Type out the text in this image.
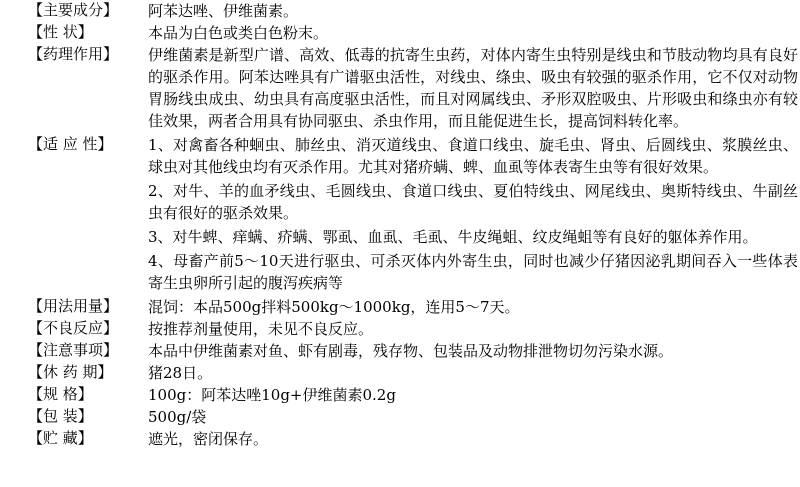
【主要成分】	阿苯达唑、伊维菌素。
【性 状】	本品为白色或类白色粉末。
【药理作用】	伊维菌素是新型广谱、高效、低毒的抗寄生虫药，对体内寄生虫特别是线虫和节肢动物均具有良好的驱杀作用。阿苯达唑具有广谱驱虫活性，对线虫、绦虫、吸虫有较强的驱杀作用，它不仅对动物胃肠线虫成虫、幼虫具有高度驱虫活性，而且对网属线虫、矛形双腔吸虫、片形吸虫和绦虫亦有较佳效果，两者合用具有协同驱虫、杀虫作用，而且能促进生长，提高饲料转化率。
【适 应 性】	1、对禽畜各种蛔虫、肺丝虫、消灭道线虫、食道口线虫、旋毛虫、肾虫、后圆线虫、浆膜丝虫、球虫对其他线虫均有灭杀作用。尤其对猪疥螨、蜱、血虱等体表寄生虫等有很好效果。

2、对牛、羊的血矛线虫、毛圆线虫、食道口线虫、夏伯特线虫、网尾线虫、奥斯特线虫、牛副丝虫有很好的驱杀效果。

3、对牛蜱、痒螨、疥螨、鄂虱、血虱、毛虱、牛皮绳蛆、纹皮绳蛆等有良好的躯体养作用。

4、母畜产前5～10天进行驱虫、可杀灭体内外寄生虫，同时也减少仔猪因泌乳期间吞入一些体表寄生虫卵所引起的腹泻疾病等

【用法用量】	混饲：本品500g拌料500kg～1000kg，连用5～7天。
【不良反应】	按推荐剂量使用，未见不良反应。
【注意事项】	本品中伊维菌素对鱼、虾有剧毒，残存物、包装品及动物排泄物切勿污染水源。
【休 药 期】	猪28日。
【规 格】	100g：阿苯达唑10g+伊维菌素0.2g
【包 装】	500g/袋
【贮 藏】	遮光，密闭保存。
